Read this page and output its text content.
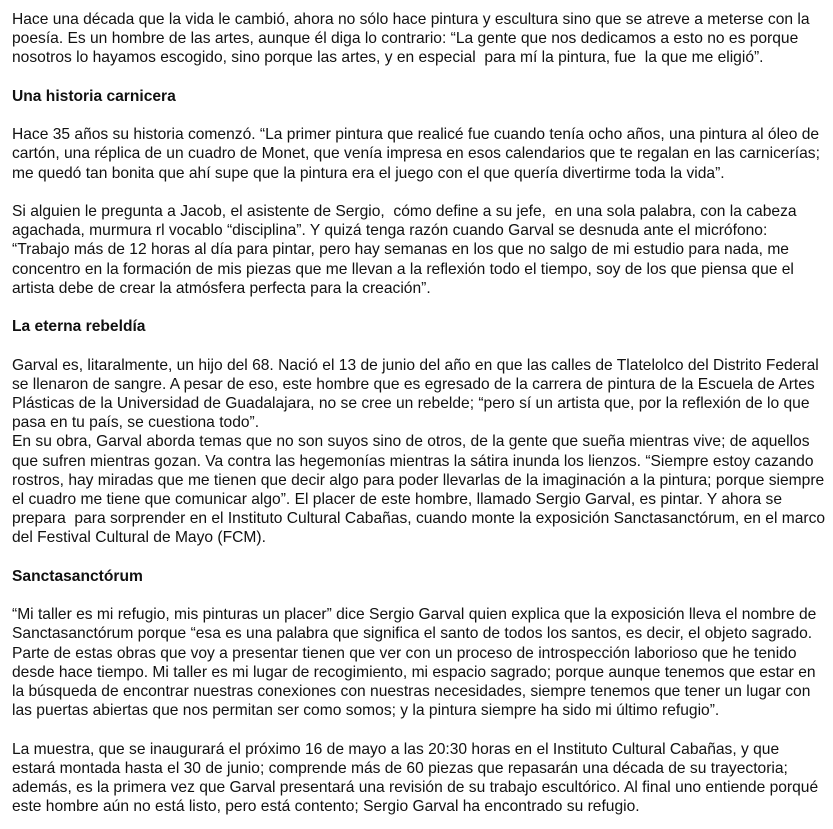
Hace una década que la vida le cambió, ahora no sólo hace pintura y escultura sino que se atreve a meterse con la
poesía. Es un hombre de las artes, aunque él diga lo contrario: “La gente que nos dedicamos a esto no es porque
nosotros lo hayamos escogido, sino porque las artes, y en especial  para mí la pintura, fue  la que me eligió”.

Una historia carnicera

Hace 35 años su historia comenzó. “La primer pintura que realicé fue cuando tenía ocho años, una pintura al óleo de
cartón, una réplica de un cuadro de Monet, que venía impresa en esos calendarios que te regalan en las carnicerías;
me quedó tan bonita que ahí supe que la pintura era el juego con el que quería divertirme toda la vida”.

Si alguien le pregunta a Jacob, el asistente de Sergio,  cómo define a su jefe,  en una sola palabra, con la cabeza
agachada, murmura rl vocablo “disciplina”. Y quizá tenga razón cuando Garval se desnuda ante el micrófono:
“Trabajo más de 12 horas al día para pintar, pero hay semanas en los que no salgo de mi estudio para nada, me
concentro en la formación de mis piezas que me llevan a la reflexión todo el tiempo, soy de los que piensa que el
artista debe de crear la atmósfera perfecta para la creación”.

La eterna rebeldía

Garval es, litaralmente, un hijo del 68. Nació el 13 de junio del año en que las calles de Tlatelolco del Distrito Federal
se llenaron de sangre. A pesar de eso, este hombre que es egresado de la carrera de pintura de la Escuela de Artes
Plásticas de la Universidad de Guadalajara, no se cree un rebelde; “pero sí un artista que, por la reflexión de lo que
pasa en tu país, se cuestiona todo”.

En su obra, Garval aborda temas que no son suyos sino de otros, de la gente que sueña mientras vive; de aquellos
que sufren mientras gozan. Va contra las hegemonías mientras la sátira inunda los lienzos. “Siempre estoy cazando
rostros, hay miradas que me tienen que decir algo para poder llevarlas de la imaginación a la pintura; porque siempre
el cuadro me tiene que comunicar algo”. El placer de este hombre, llamado Sergio Garval, es pintar. Y ahora se
prepara  para sorprender en el Instituto Cultural Cabañas, cuando monte la exposición Sanctasanctórum, en el marco
del Festival Cultural de Mayo (FCM).

Sanctasanctórum

“Mi taller es mi refugio, mis pinturas un placer” dice Sergio Garval quien explica que la exposición lleva el nombre de
Sanctasanctórum porque “esa es una palabra que significa el santo de todos los santos, es decir, el objeto sagrado.
Parte de estas obras que voy a presentar tienen que ver con un proceso de introspección laborioso que he tenido
desde hace tiempo. Mi taller es mi lugar de recogimiento, mi espacio sagrado; porque aunque tenemos que estar en
la búsqueda de encontrar nuestras conexiones con nuestras necesidades, siempre tenemos que tener un lugar con
las puertas abiertas que nos permitan ser como somos; y la pintura siempre ha sido mi último refugio”.

La muestra, que se inaugurará el próximo 16 de mayo a las 20:30 horas en el Instituto Cultural Cabañas, y que
estará montada hasta el 30 de junio; comprende más de 60 piezas que repasarán una década de su trayectoria;
además, es la primera vez que Garval presentará una revisión de su trabajo escultórico. Al final uno entiende porqué
este hombre aún no está listo, pero está contento; Sergio Garval ha encontrado su refugio.
